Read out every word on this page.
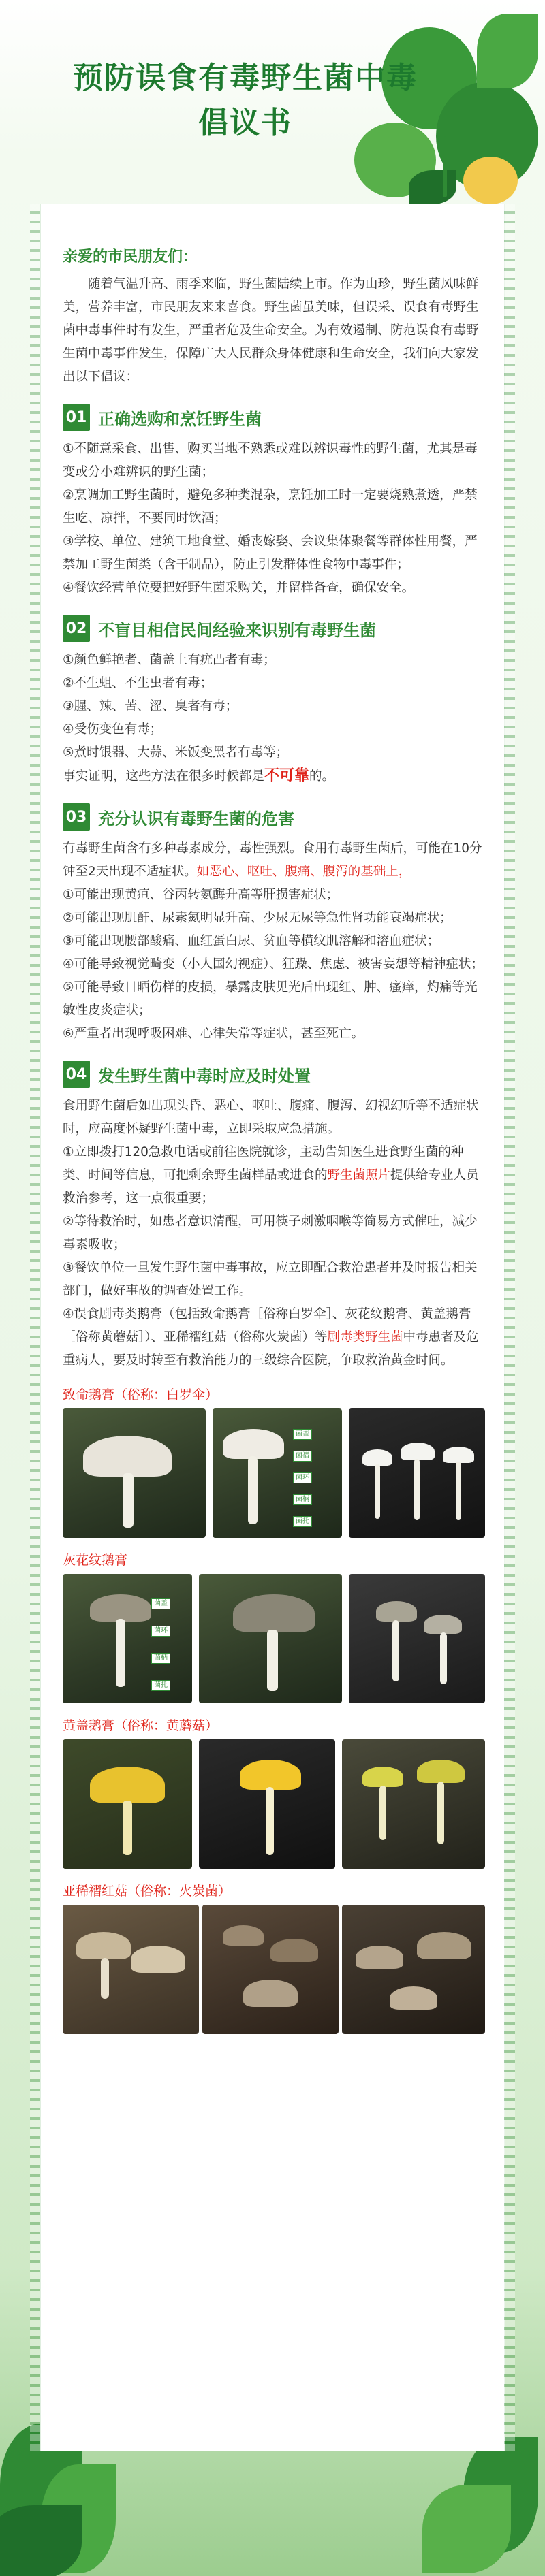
预防误食有毒野生菌中毒
倡议书
亲爱的市民朋友们：

随着气温升高、雨季来临，野生菌陆续上市。作为山珍，野生菌风味鲜美，营养丰富，市民朋友来来喜食。野生菌虽美味，但误采、误食有毒野生菌中毒事件时有发生，严重者危及生命安全。为有效遏制、防范误食有毒野生菌中毒事件发生，保障广大人民群众身体健康和生命安全，我们向大家发出以下倡议：

01 正确选购和烹饪野生菌
①不随意采食、出售、购买当地不熟悉或难以辨识毒性的野生菌，尤其是毒变或分小难辨识的野生菌；
②烹调加工野生菌时，避免多种类混杂，烹饪加工时一定要烧熟煮透，严禁生吃、凉拌，不要同时饮酒；
③学校、单位、建筑工地食堂、婚丧嫁娶、会议集体聚餐等群体性用餐，严禁加工野生菌类（含干制品），防止引发群体性食物中毒事件；
④餐饮经营单位要把好野生菌采购关，并留样备查，确保安全。
02 不盲目相信民间经验来识别有毒野生菌
①颜色鲜艳者、菌盖上有疣凸者有毒；
②不生蛆、不生虫者有毒；
③腥、辣、苦、涩、臭者有毒；
④受伤变色有毒；
⑤煮时银器、大蒜、米饭变黑者有毒等；
事实证明，这些方法在很多时候都是不可靠的。
03 充分认识有毒野生菌的危害
有毒野生菌含有多种毒素成分，毒性强烈。食用有毒野生菌后，可能在10分钟至2天出现不适症状。如恶心、呕吐、腹痛、腹泻的基础上，
①可能出现黄疸、谷丙转氨酶升高等肝损害症状；
②可能出现肌酐、尿素氮明显升高、少尿无尿等急性肾功能衰竭症状；
③可能出现腰部酸痛、血红蛋白尿、贫血等横纹肌溶解和溶血症状；
④可能导致视觉畸变（小人国幻视症）、狂躁、焦虑、被害妄想等精神症状；
⑤可能导致日晒伤样的皮损，暴露皮肤见光后出现红、肿、瘙痒，灼痛等光敏性皮炎症状；
⑥严重者出现呼吸困难、心律失常等症状，甚至死亡。
04 发生野生菌中毒时应及时处置
食用野生菌后如出现头昏、恶心、呕吐、腹痛、腹泻、幻视幻听等不适症状时，应高度怀疑野生菌中毒，立即采取应急措施。
①立即拨打120急救电话或前往医院就诊，主动告知医生进食野生菌的种类、时间等信息，可把剩余野生菌样品或进食的野生菌照片提供给专业人员救治参考，这一点很重要；
②等待救治时，如患者意识清醒，可用筷子刺激咽喉等简易方式催吐，减少毒素吸收；
③餐饮单位一旦发生野生菌中毒事故，应立即配合救治患者并及时报告相关部门，做好事故的调查处置工作。
④误食剧毒类鹅膏（包括致命鹅膏［俗称白罗伞］、灰花纹鹅膏、黄盖鹅膏［俗称黄蘑菇］）、亚稀褶红菇（俗称火炭菌）等剧毒类野生菌中毒患者及危重病人，要及时转至有救治能力的三级综合医院，争取救治黄金时间。
致命鹅膏（俗称：白罗伞）
菌盖
菌褶
菌环
菌柄
菌托
灰花纹鹅膏
菌盖
菌环
菌柄
菌托
黄盖鹅膏（俗称：黄蘑菇）
亚稀褶红菇（俗称：火炭菌）
